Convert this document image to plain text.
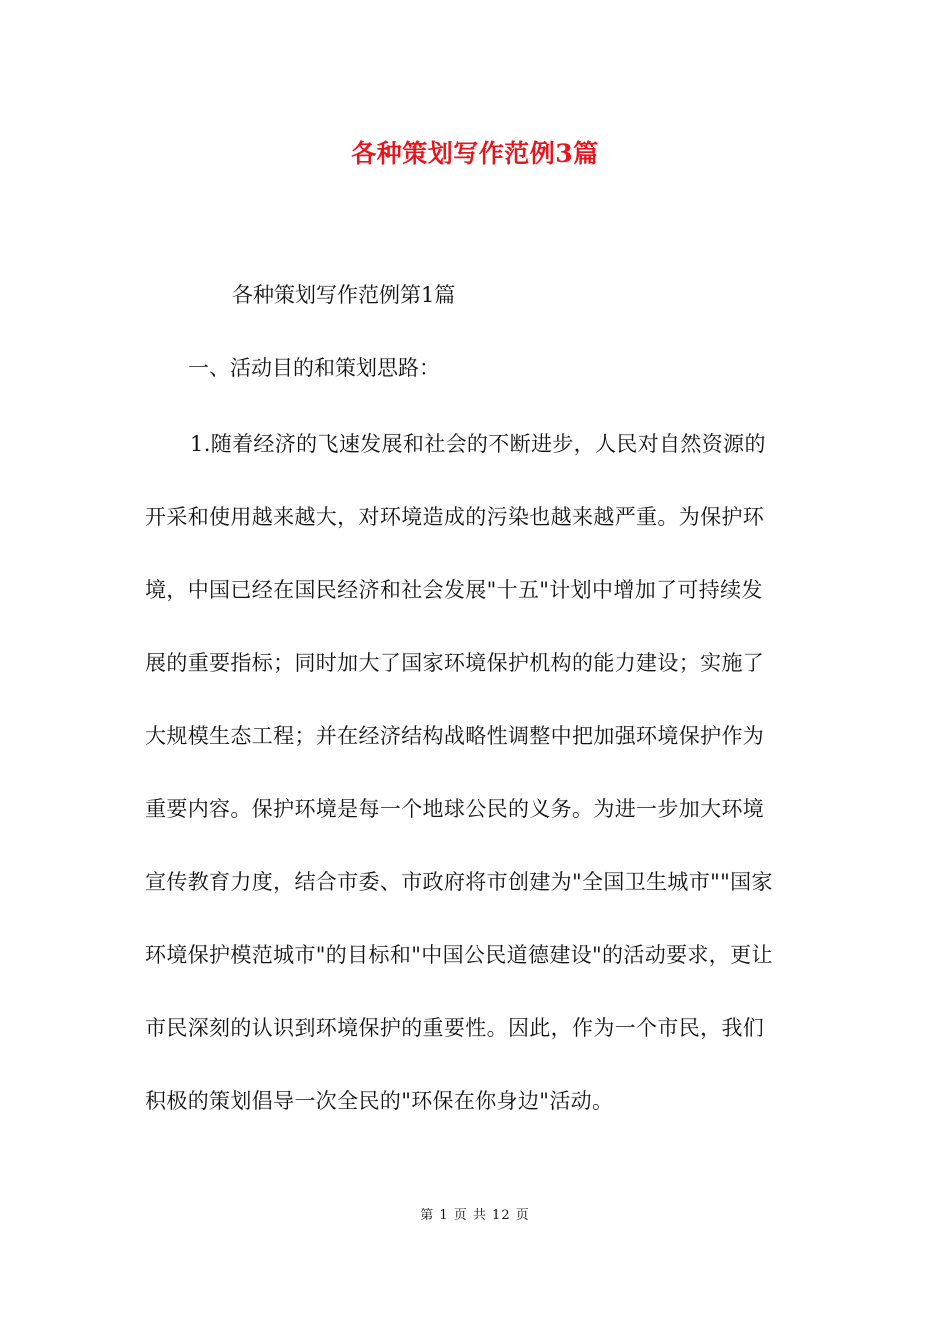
各种策划写作范例3篇
各种策划写作范例第1篇
一、活动目的和策划思路：
1.随着经济的飞速发展和社会的不断进步，人民对自然资源的
开采和使用越来越大，对环境造成的污染也越来越严重。为保护环
境，中国已经在国民经济和社会发展"十五"计划中增加了可持续发
展的重要指标；同时加大了国家环境保护机构的能力建设；实施了
大规模生态工程；并在经济结构战略性调整中把加强环境保护作为
重要内容。保护环境是每一个地球公民的义务。为进一步加大环境
宣传教育力度，结合市委、市政府将市创建为"全国卫生城市""国家
环境保护模范城市"的目标和"中国公民道德建设"的活动要求，更让
市民深刻的认识到环境保护的重要性。因此，作为一个市民，我们
积极的策划倡导一次全民的"环保在你身边"活动。
第 1 页 共 12 页
